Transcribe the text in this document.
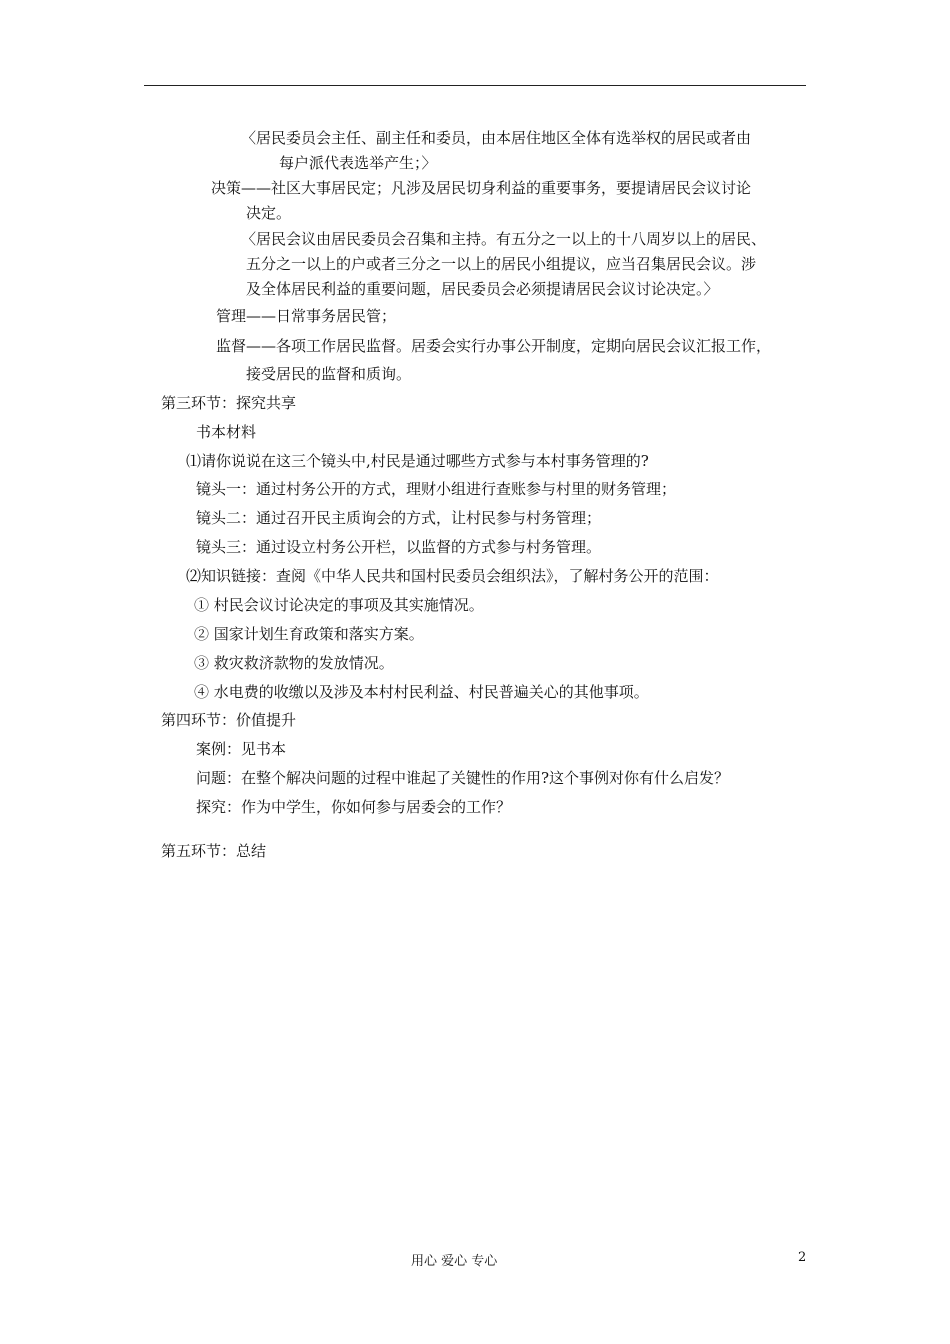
〈居民委员会主任、副主任和委员，由本居住地区全体有选举权的居民或者由
每户派代表选举产生；〉
决策——社区大事居民定；凡涉及居民切身利益的重要事务，要提请居民会议讨论
决定。
〈居民会议由居民委员会召集和主持。有五分之一以上的十八周岁以上的居民、
五分之一以上的户或者三分之一以上的居民小组提议，应当召集居民会议。涉
及全体居民利益的重要问题，居民委员会必须提请居民会议讨论决定。〉
管理——日常事务居民管；
监督——各项工作居民监督。居委会实行办事公开制度，定期向居民会议汇报工作，
接受居民的监督和质询。
第三环节：探究共享
书本材料
⑴请你说说在这三个镜头中,村民是通过哪些方式参与本村事务管理的?
镜头一：通过村务公开的方式，理财小组进行查账参与村里的财务管理；
镜头二：通过召开民主质询会的方式，让村民参与村务管理；
镜头三：通过设立村务公开栏，以监督的方式参与村务管理。
⑵知识链接：查阅《中华人民共和国村民委员会组织法》，了解村务公开的范围：
① 村民会议讨论决定的事项及其实施情况。
② 国家计划生育政策和落实方案。
③ 救灾救济款物的发放情况。
④ 水电费的收缴以及涉及本村村民利益、村民普遍关心的其他事项。
第四环节：价值提升
案例：见书本
问题：在整个解决问题的过程中谁起了关键性的作用?这个事例对你有什么启发？
探究：作为中学生，你如何参与居委会的工作？
第五环节：总结
用心 爱心 专心	2
